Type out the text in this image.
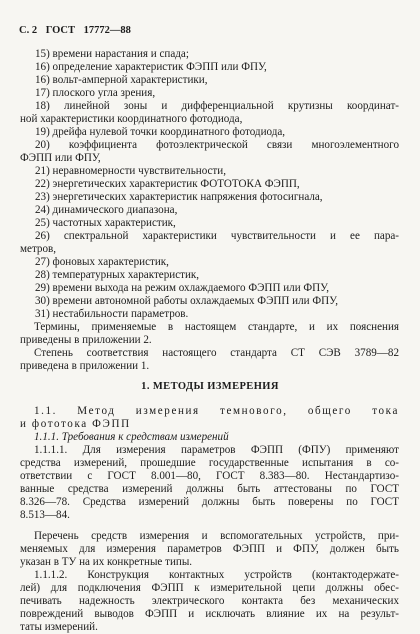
С. 2 ГОСТ 17772—88

15) времени нарастания и спада;

16) определение характеристик ФЭПП или ФПУ,

16) вольт-амперной характеристики,

17) плоского угла зрения,

18) линейной зоны и дифференциальной крутизны координат-

ной характеристики координатного фотодиода,

19) дрейфа нулевой точки координатного фотодиода,

20) коэффициента фотоэлектрической связи многоэлементного

ФЭПП или ФПУ,

21) неравномерности чувствительности,

22) энергетических характеристик ФОТОТОКА ФЭПП,

23) энергетических характеристик напряжения фотосигнала,

24) динамического диапазона,

25) частотных характеристик,

26) спектральной характеристики чувствительности и ее пара-

метров,

27) фоновых характеристик,

28) температурных характеристик,

29) времени выхода на режим охлаждаемого ФЭПП или ФПУ,

30) времени автономной работы охлаждаемых ФЭПП или ФПУ,

31) нестабильности параметров.

Термины, применяемые в настоящем стандарте, и их пояснения

приведены в приложении 2.

Степень соответствия настоящего стандарта СТ СЭВ 3789—82

приведена в приложении 1.

1. МЕТОДЫ ИЗМЕРЕНИЯ

1.1. Метод измерения темнового, общего тока

и фототока ФЭПП

1.1.1. Требования к средствам измерений

1.1.1.1. Для измерения параметров ФЭПП (ФПУ) применяют

средства измерений, прошедшие государственные испытания в со-

ответствии с ГОСТ 8.001—80, ГОСТ 8.383—80. Нестандартизо-

ванные средства измерений должны быть аттестованы по ГОСТ

8.326—78. Средства измерений должны быть поверены по ГОСТ

8.513—84.

Перечень средств измерения и вспомогательных устройств, при-

меняемых для измерения параметров ФЭПП и ФПУ, должен быть

указан в ТУ на их конкретные типы.

1.1.1.2. Конструкция контактных устройств (контактодержате-

лей) для подключения ФЭПП к измерительной цепи должны обес-

печивать надежность электрического контакта без механических

повреждений выводов ФЭПП и исключать влияние их на результ-

таты измерений.
